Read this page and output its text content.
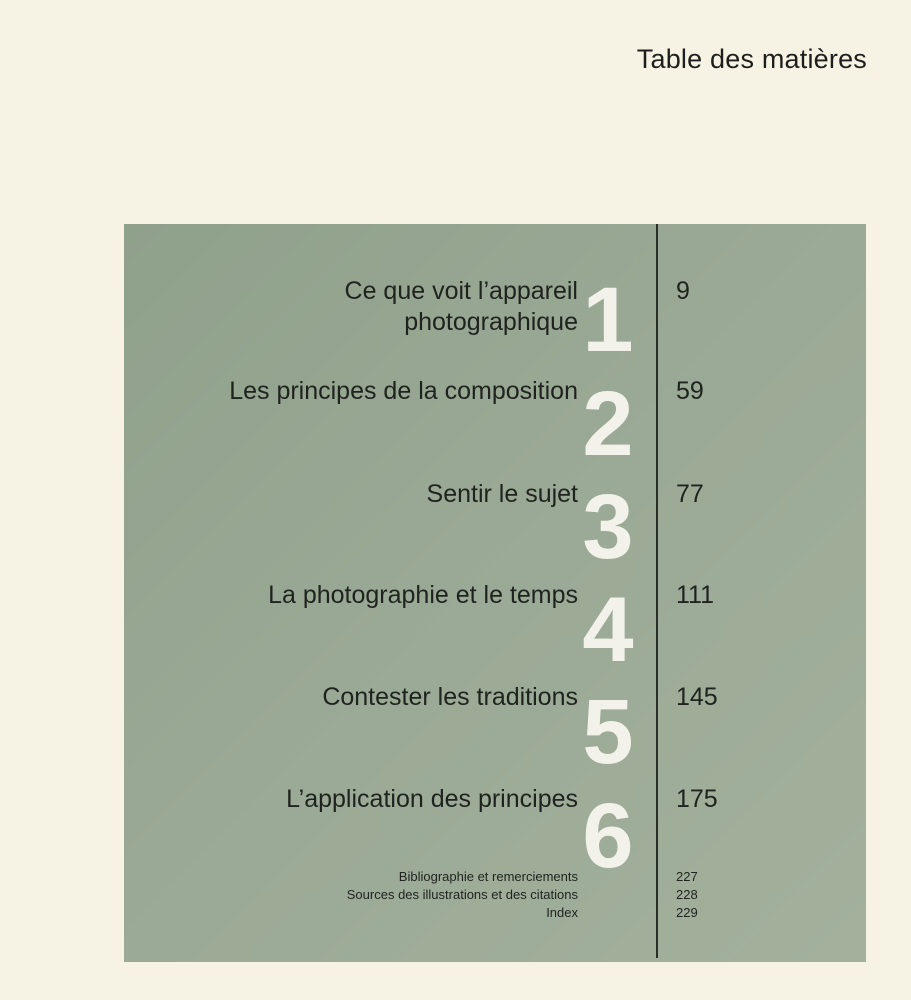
Table des matières
Ce que voit l’appareil
photographique 1 9
Les principes de la composition 2 59
Sentir le sujet 3 77
La photographie et le temps 4 111
Contester les traditions 5 145
L’application des principes 6 175
Bibliographie et remerciements	227
Sources des illustrations et des citations	228
Index	229
